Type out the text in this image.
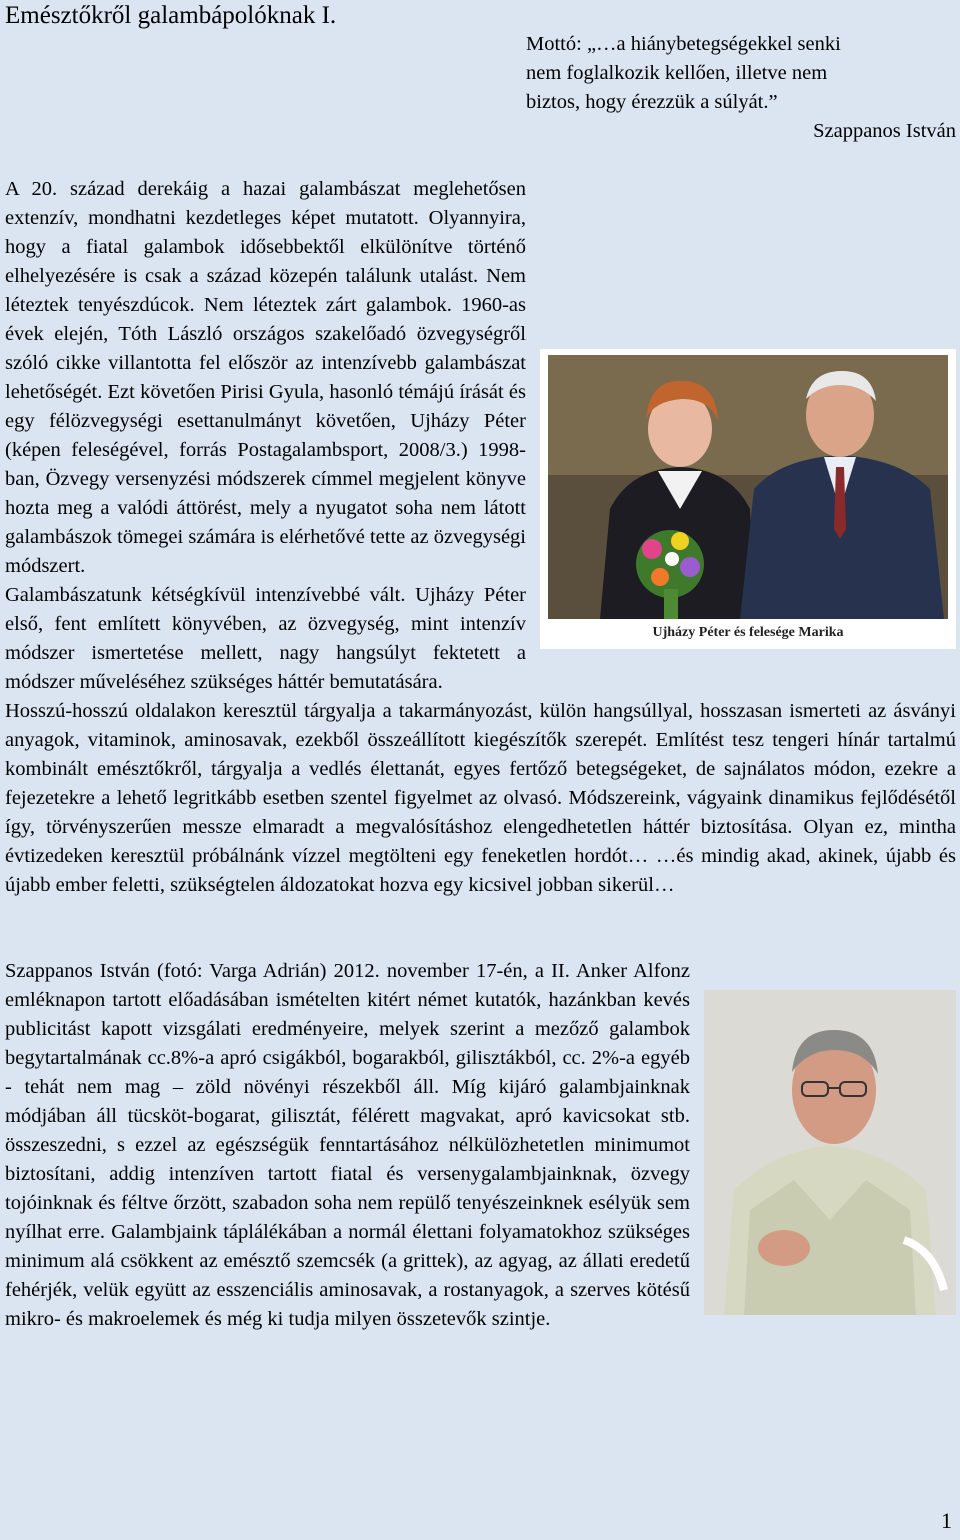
Emésztőkről galambápolóknak I.
Mottó: „…a hiánybetegségekkel senki
nem foglalkozik kellően, illetve nem
biztos, hogy érezzük a súlyát.”
Szappanos István

Ujházy Péter és felesége Marika
A 20. század derekáig a hazai galambászat meglehetősen extenzív, mondhatni kezdetleges képet mutatott. Olyannyira, hogy a fiatal galambok idősebbektől elkülönítve történő elhelyezésére is csak a század közepén találunk utalást. Nem léteztek tenyészdúcok. Nem léteztek zárt galambok. 1960-as évek elején, Tóth László országos szakelőadó özvegységről szóló cikke villantotta fel először az intenzívebb galambászat lehetőségét. Ezt követően Pirisi Gyula, hasonló témájú írását és egy félözvegységi esettanulmányt követően, Ujházy Péter (képen feleségével, forrás Postagalambsport, 2008/3.) 1998-ban, Özvegy versenyzési módszerek címmel megjelent könyve hozta meg a valódi áttörést, mely a nyugatot soha nem látott galambászok tömegei számára is elérhetővé tette az özvegységi módszert.

Galambászatunk kétségkívül intenzívebbé vált. Ujházy Péter első, fent említett könyvében, az özvegység, mint intenzív módszer ismertetése mellett, nagy hangsúlyt fektetett a módszer műveléséhez szükséges háttér bemutatására.

Hosszú-hosszú oldalakon keresztül tárgyalja a takarmányozást, külön hangsúllyal, hosszasan ismerteti az ásványi anyagok, vitaminok, aminosavak, ezekből összeállított kiegészítők szerepét. Említést tesz tengeri hínár tartalmú kombinált emésztőkről, tárgyalja a vedlés élettanát, egyes fertőző betegségeket, de sajnálatos módon, ezekre a fejezetekre a lehető legritkább esetben szentel figyelmet az olvasó. Módszereink, vágyaink dinamikus fejlődésétől így, törvényszerűen messze elmaradt a megvalósításhoz elengedhetetlen háttér biztosítása. Olyan ez, mintha évtizedeken keresztül próbálnánk vízzel megtölteni egy feneketlen hordót… …és mindig akad, akinek, újabb és újabb ember feletti, szükségtelen áldozatokat hozva egy kicsivel jobban sikerül…

Szappanos István (fotó: Varga Adrián) 2012. november 17-én, a II. Anker Alfonz emléknapon tartott előadásában ismételten kitért német kutatók, hazánkban kevés publicitást kapott vizsgálati eredményeire, melyek szerint a mezőző galambok begytartalmának cc.8%-a apró csigákból, bogarakból, gilisztákból, cc. 2%-a egyéb - tehát nem mag – zöld növényi részekből áll. Míg kijáró galambjainknak módjában áll tücsköt-bogarat, gilisztát, félérett magvakat, apró kavicsokat stb. összeszedni, s ezzel az egészségük fenntartásához nélkülözhetetlen minimumot biztosítani, addig intenzíven tartott fiatal és versenygalambjainknak, özvegy tojóinknak és féltve őrzött, szabadon soha nem repülő tenyészeinknek esélyük sem nyílhat erre. Galambjaink táplálékában a normál élettani folyamatokhoz szükséges minimum alá csökkent az emésztő szemcsék (a grittek), az agyag, az állati eredetű fehérjék, velük együtt az esszenciális aminosavak, a rostanyagok, a szerves kötésű mikro- és makroelemek és még ki tudja milyen összetevők szintje.

1
